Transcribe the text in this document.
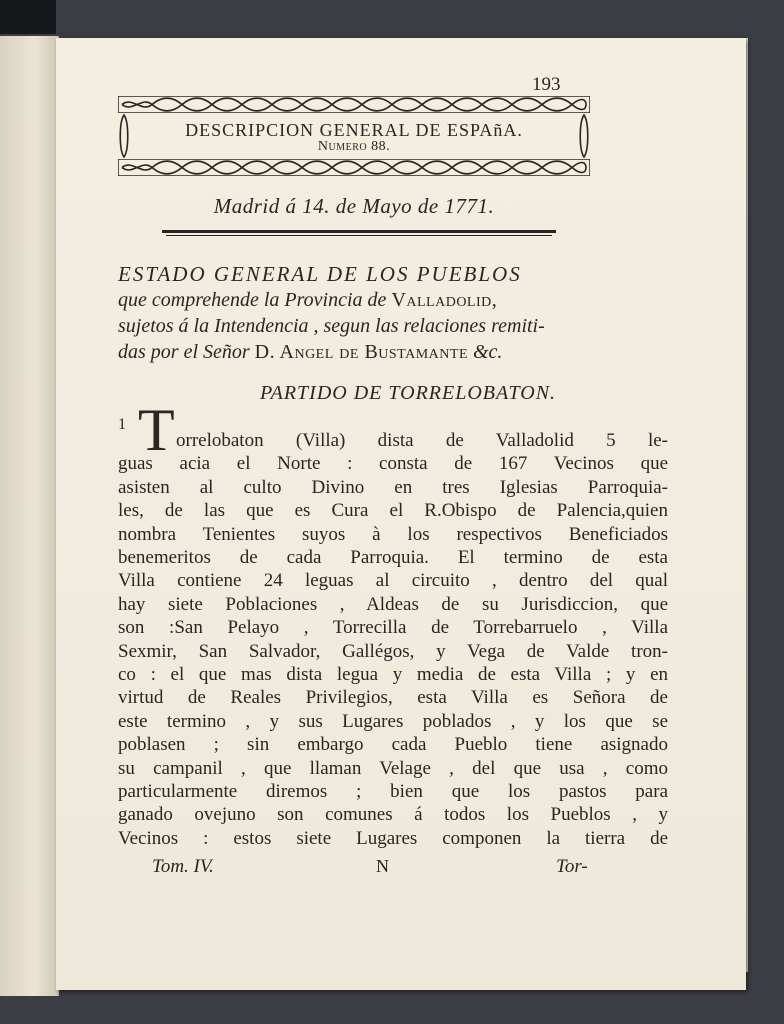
193
DESCRIPCION GENERAL DE ESPAñA.
Numero 88.
Madrid á 14. de Mayo de 1771.
ESTADO GENERAL DE LOS PUEBLOS
que comprehende la Provincia de Valladolid,
sujetos á la Intendencia , segun las relaciones remiti-
das por el Señor D. Angel de Bustamante &c.
PARTIDO DE TORRELOBATON.
1 T orrelobaton (Villa) dista de Valladolid 5 le-
guas acia el Norte : consta de 167 Vecinos que
asisten al culto Divino en tres Iglesias Parroquia-
les, de las que es Cura el R.Obispo de Palencia,quien
nombra Tenientes suyos à los respectivos Beneficiados
benemeritos de cada Parroquia. El termino de esta
Villa contiene 24 leguas al circuito , dentro del qual
hay siete Poblaciones , Aldeas de su Jurisdiccion, que
son :San Pelayo , Torrecilla de Torrebarruelo , Villa
Sexmir, San Salvador, Gallégos, y Vega de Valde tron-
co : el que mas dista legua y media de esta Villa ; y en
virtud de Reales Privilegios, esta Villa es Señora de
este termino , y sus Lugares poblados , y los que se
poblasen ; sin embargo cada Pueblo tiene asignado
su campanil , que llaman Velage , del que usa , como
particularmente diremos ; bien que los pastos para
ganado ovejuno son comunes á todos los Pueblos , y
Vecinos : estos siete Lugares componen la tierra de
Tom. IV.	N	Tor-
